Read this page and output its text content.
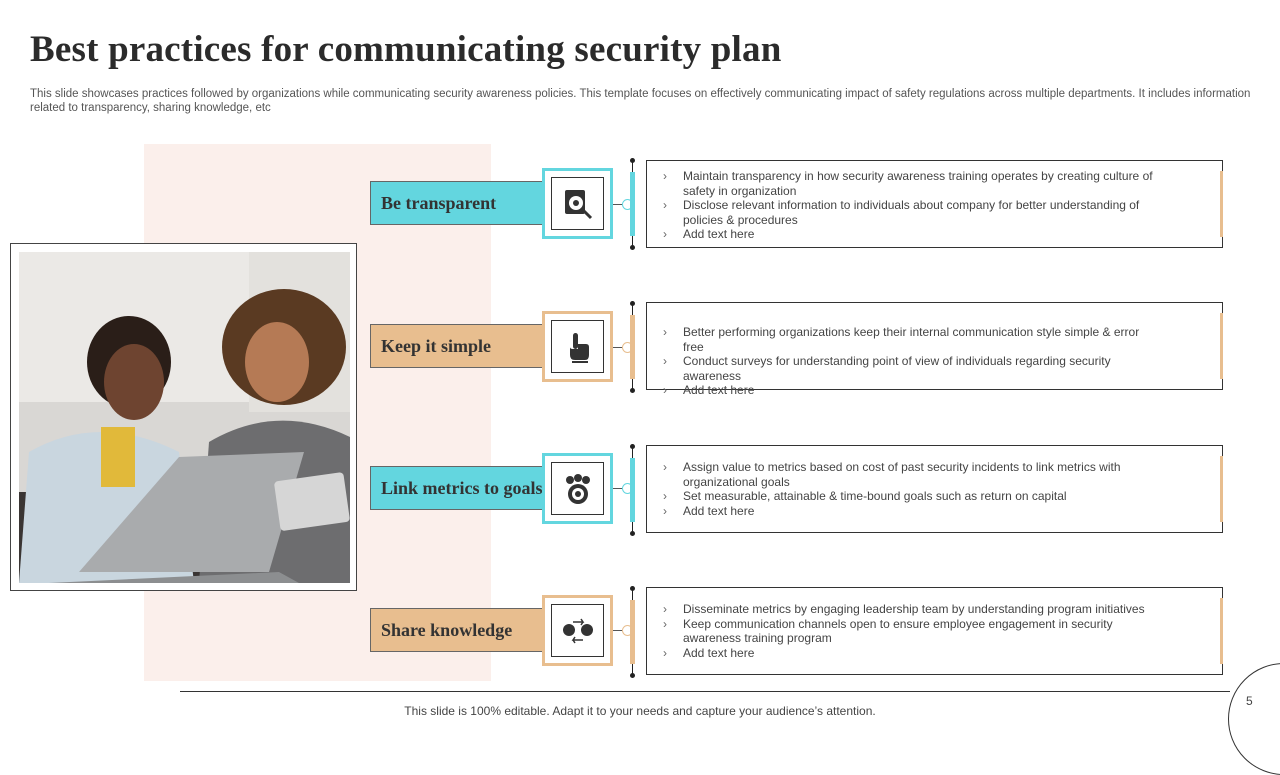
Best practices for communicating security plan
This slide showcases practices followed by organizations while communicating security awareness policies. This template focuses on effectively communicating impact of safety regulations across multiple departments. It includes information related to transparency, sharing knowledge, etc
Be transparent
› Maintain transparency in how security awareness training operates by creating culture of safety in organization
› Disclose relevant information to individuals about company for better understanding of policies & procedures
› Add text here
Keep it simple
› Better performing organizations keep their internal communication style simple & error free
› Conduct surveys for understanding point of view of individuals regarding security awareness
› Add text here
Link metrics to goals
› Assign value to metrics based on cost of past security incidents to link metrics with organizational goals
› Set measurable, attainable & time-bound goals such as return on capital
› Add text here
Share knowledge
› Disseminate metrics by engaging leadership team by understanding program initiatives
› Keep communication channels open to ensure employee engagement in security awareness training program
› Add text here
This slide is 100% editable. Adapt it to your needs and capture your audience’s attention.
5
